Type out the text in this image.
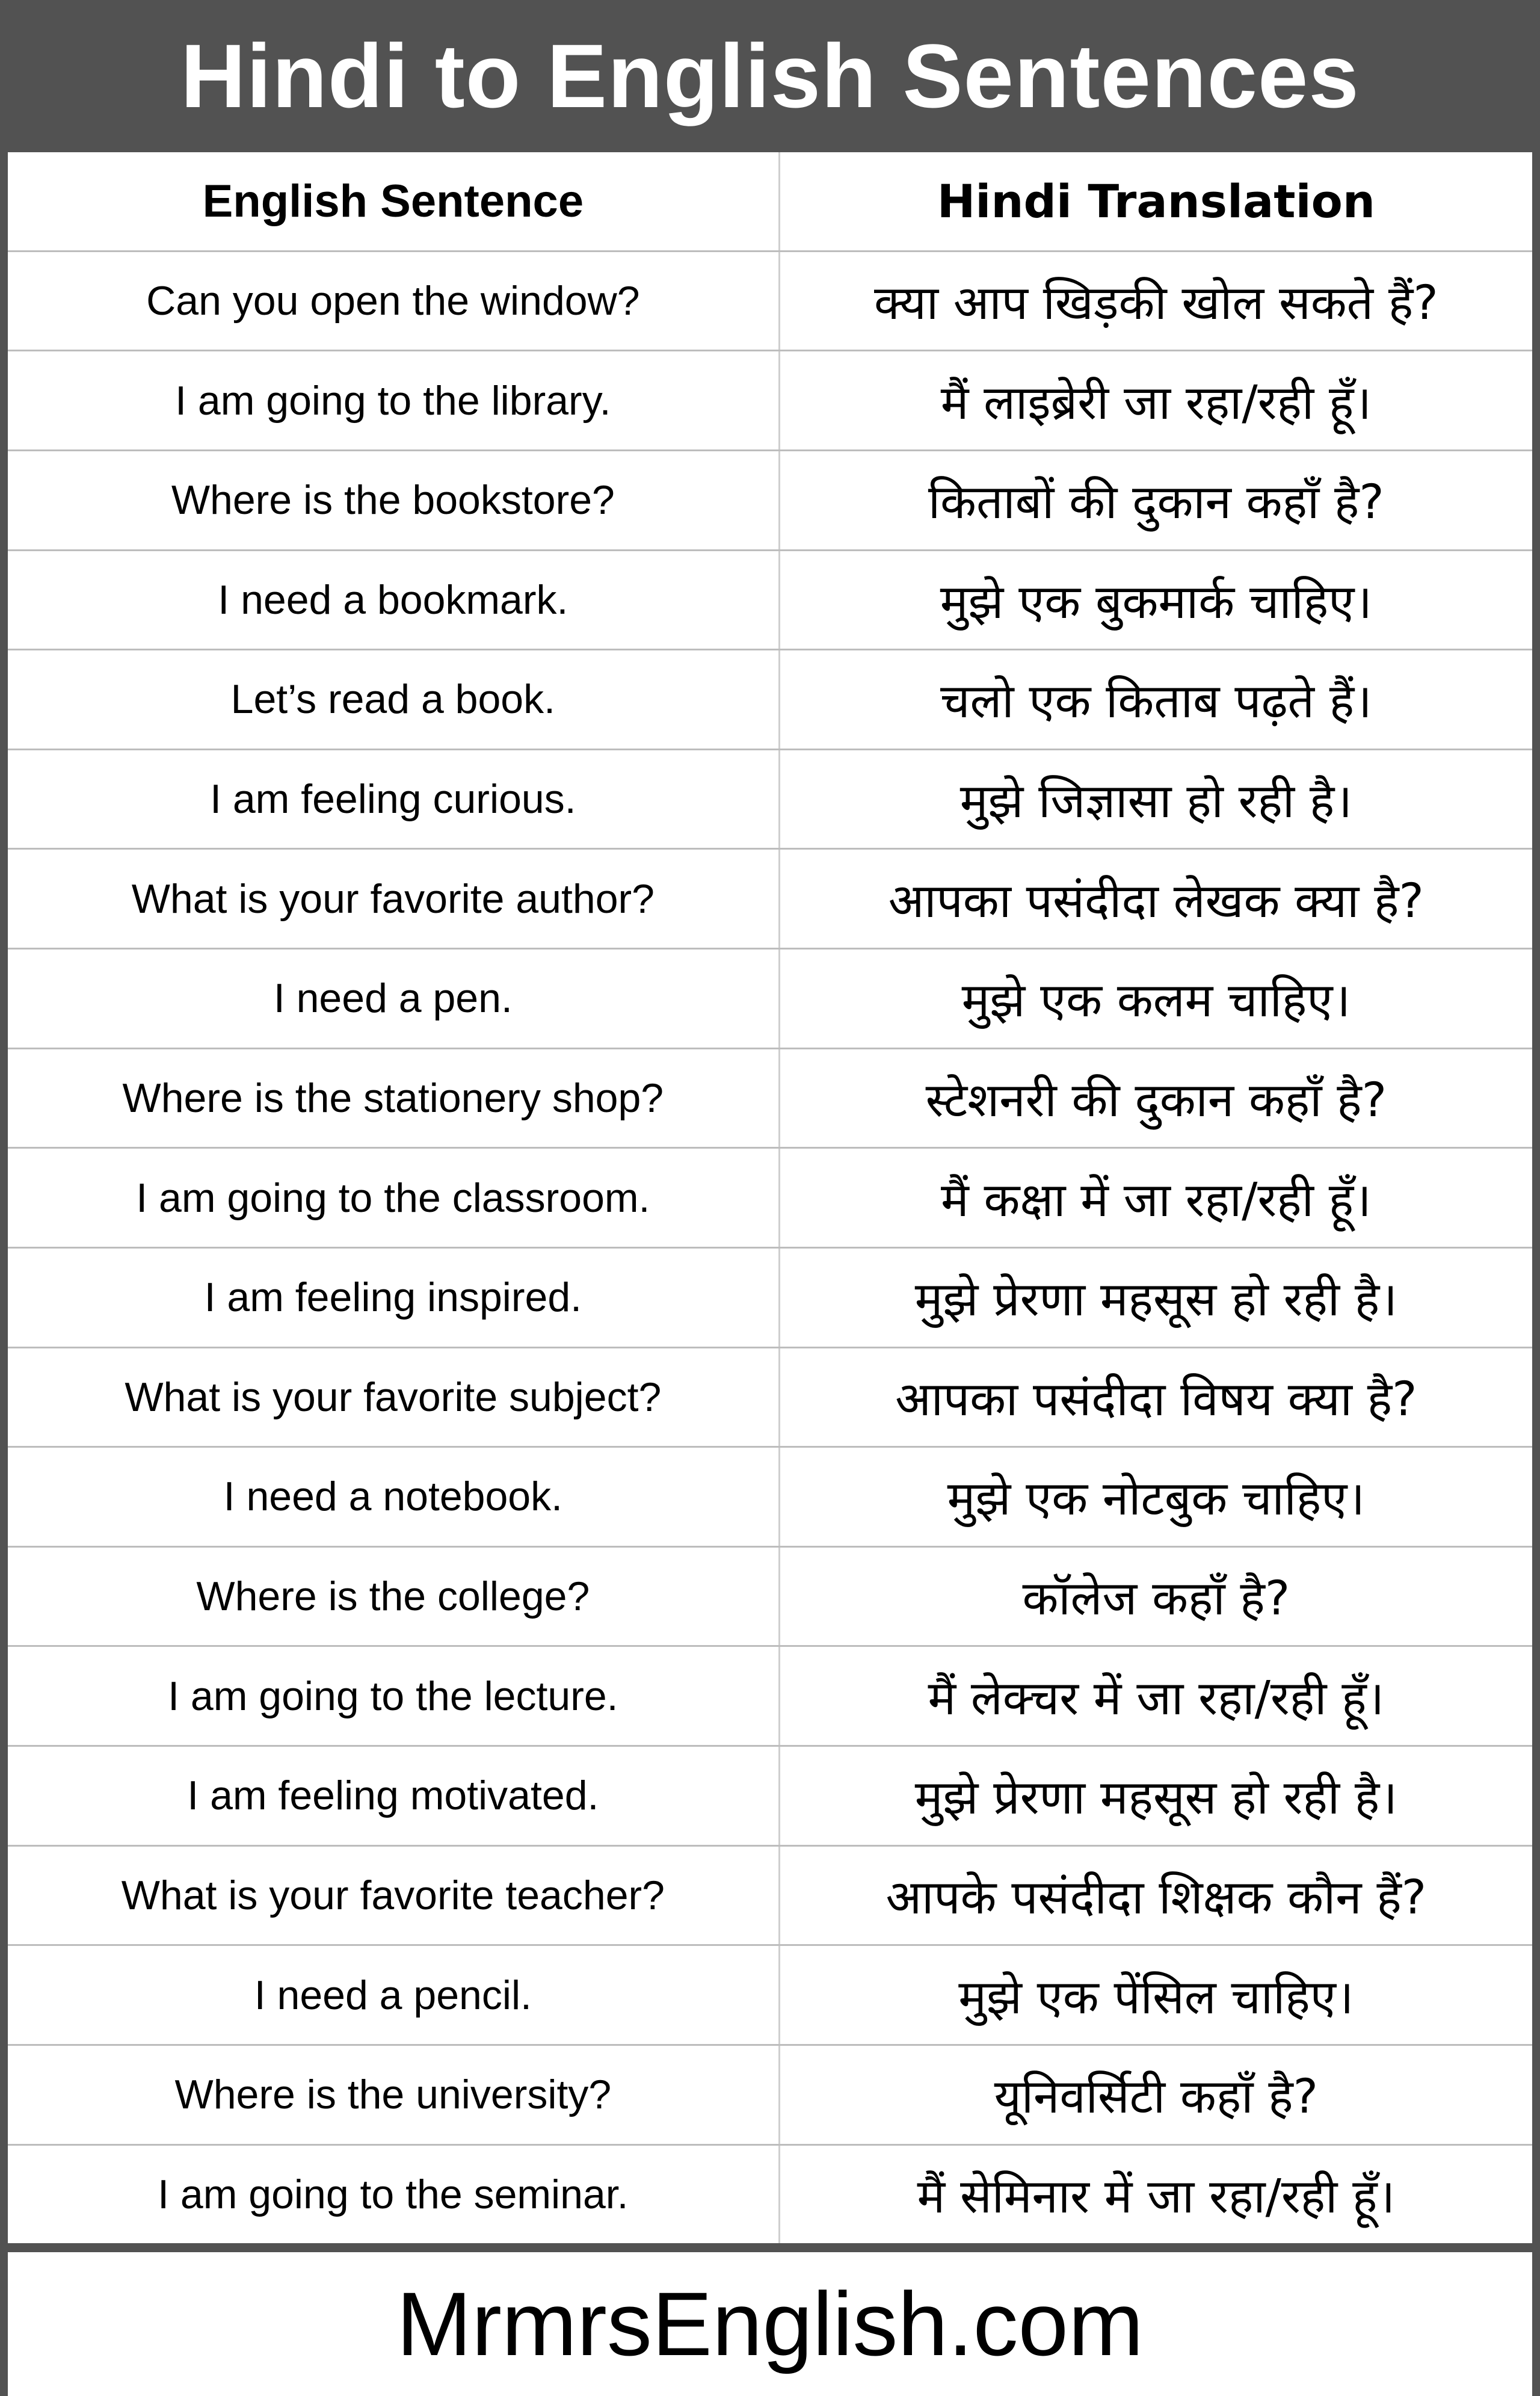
Hindi to English Sentences
English Sentence	Hindi Translation
Can you open the window?	क्या आप खिड़की खोल सकते हैं?
I am going to the library.	मैं लाइब्रेरी जा रहा/रही हूँ।
Where is the bookstore?	किताबों की दुकान कहाँ है?
I need a bookmark.	मुझे एक बुकमार्क चाहिए।
Let’s read a book.	चलो एक किताब पढ़ते हैं।
I am feeling curious.	मुझे जिज्ञासा हो रही है।
What is your favorite author?	आपका पसंदीदा लेखक क्या है?
I need a pen.	मुझे एक कलम चाहिए।
Where is the stationery shop?	स्टेशनरी की दुकान कहाँ है?
I am going to the classroom.	मैं कक्षा में जा रहा/रही हूँ।
I am feeling inspired.	मुझे प्रेरणा महसूस हो रही है।
What is your favorite subject?	आपका पसंदीदा विषय क्या है?
I need a notebook.	मुझे एक नोटबुक चाहिए।
Where is the college?	कॉलेज कहाँ है?
I am going to the lecture.	मैं लेक्चर में जा रहा/रही हूँ।
I am feeling motivated.	मुझे प्रेरणा महसूस हो रही है।
What is your favorite teacher?	आपके पसंदीदा शिक्षक कौन हैं?
I need a pencil.	मुझे एक पेंसिल चाहिए।
Where is the university?	यूनिवर्सिटी कहाँ है?
I am going to the seminar.	मैं सेमिनार में जा रहा/रही हूँ।
MrmrsEnglish.com
